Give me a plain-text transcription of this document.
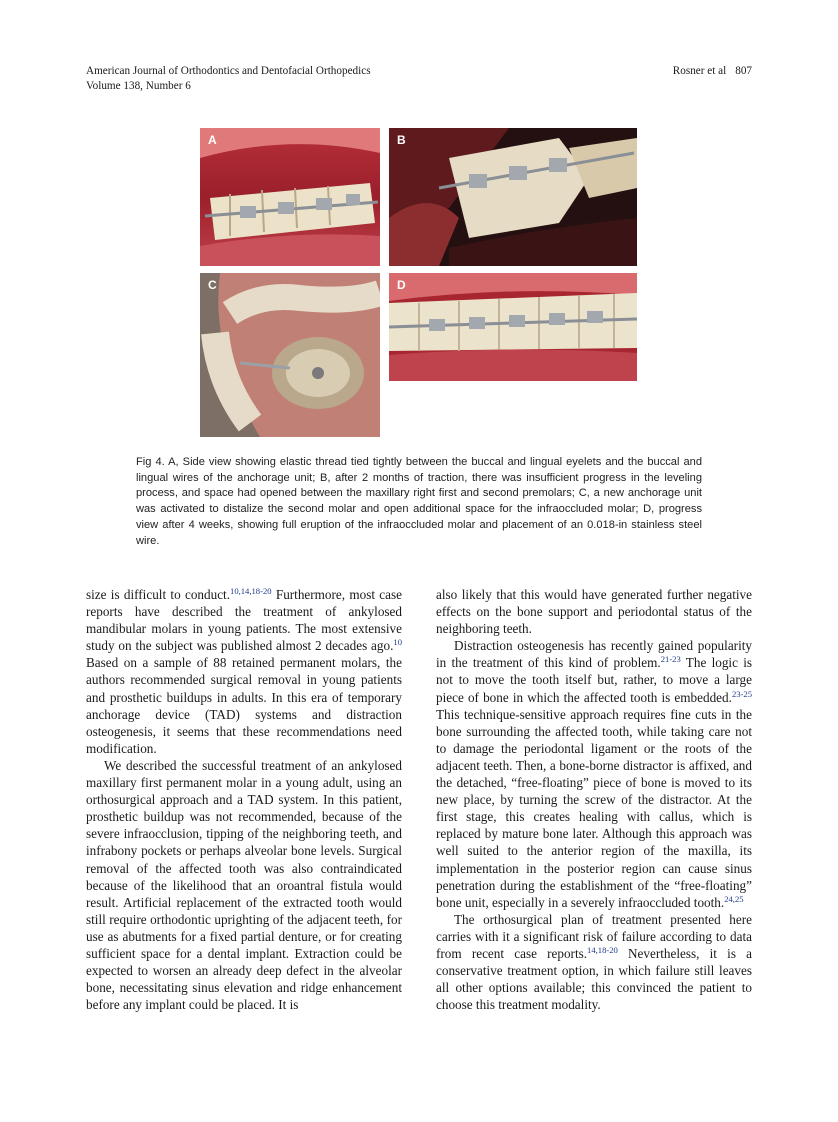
American Journal of Orthodontics and Dentofacial Orthopedics
Volume 138, Number 6
Rosner et al 807
A	B
C	D
Fig 4. A, Side view showing elastic thread tied tightly between the buccal and lingual eyelets and the buccal and lingual wires of the anchorage unit; B, after 2 months of traction, there was insufficient progress in the leveling process, and space had opened between the maxillary right first and second premolars; C, a new anchorage unit was activated to distalize the second molar and open additional space for the infraoccluded molar; D, progress view after 4 weeks, showing full eruption of the infraoccluded molar and placement of an 0.018-in stainless steel wire.

size is difficult to conduct.$^{10,14,18-20}$ Furthermore, most case reports have described the treatment of ankylosed mandibular molars in young patients. The most extensive study on the subject was published almost 2 decades ago.$^{10}$ Based on a sample of 88 retained permanent molars, the authors recommended surgical removal in young patients and prosthetic buildups in adults. In this era of temporary anchorage device (TAD) systems and distraction osteogenesis, it seems that these recommendations need modification.

We described the successful treatment of an ankylosed maxillary first permanent molar in a young adult, using an orthosurgical approach and a TAD system. In this patient, prosthetic buildup was not recommended, because of the severe infraocclusion, tipping of the neighboring teeth, and infrabony pockets or perhaps alveolar bone levels. Surgical removal of the affected tooth was also contraindicated because of the likelihood that an oroantral fistula would result. Artificial replacement of the extracted tooth would still require orthodontic uprighting of the adjacent teeth, for use as abutments for a fixed partial denture, or for creating sufficient space for a dental implant. Extraction could be expected to worsen an already deep defect in the alveolar bone, necessitating sinus elevation and ridge enhancement before any implant could be placed. It is

also likely that this would have generated further negative effects on the bone support and periodontal status of the neighboring teeth.

Distraction osteogenesis has recently gained popularity in the treatment of this kind of problem.$^{21-23}$ The logic is not to move the tooth itself but, rather, to move a large piece of bone in which the affected tooth is embedded.$^{23-25}$ This technique-sensitive approach requires fine cuts in the bone surrounding the affected tooth, while taking care not to damage the periodontal ligament or the roots of the adjacent teeth. Then, a bone-borne distractor is affixed, and the detached, “free-floating” piece of bone is moved to its new place, by turning the screw of the distractor. At the first stage, this creates healing with callus, which is replaced by mature bone later. Although this approach was well suited to the anterior region of the maxilla, its implementation in the posterior region can cause sinus penetration during the establishment of the “free-floating” bone unit, especially in a severely infraoccluded tooth.$^{24,25}$

The orthosurgical plan of treatment presented here carries with it a significant risk of failure according to data from recent case reports.$^{14,18-20}$ Nevertheless, it is a conservative treatment option, in which failure still leaves all other options available; this convinced the patient to choose this treatment modality.
